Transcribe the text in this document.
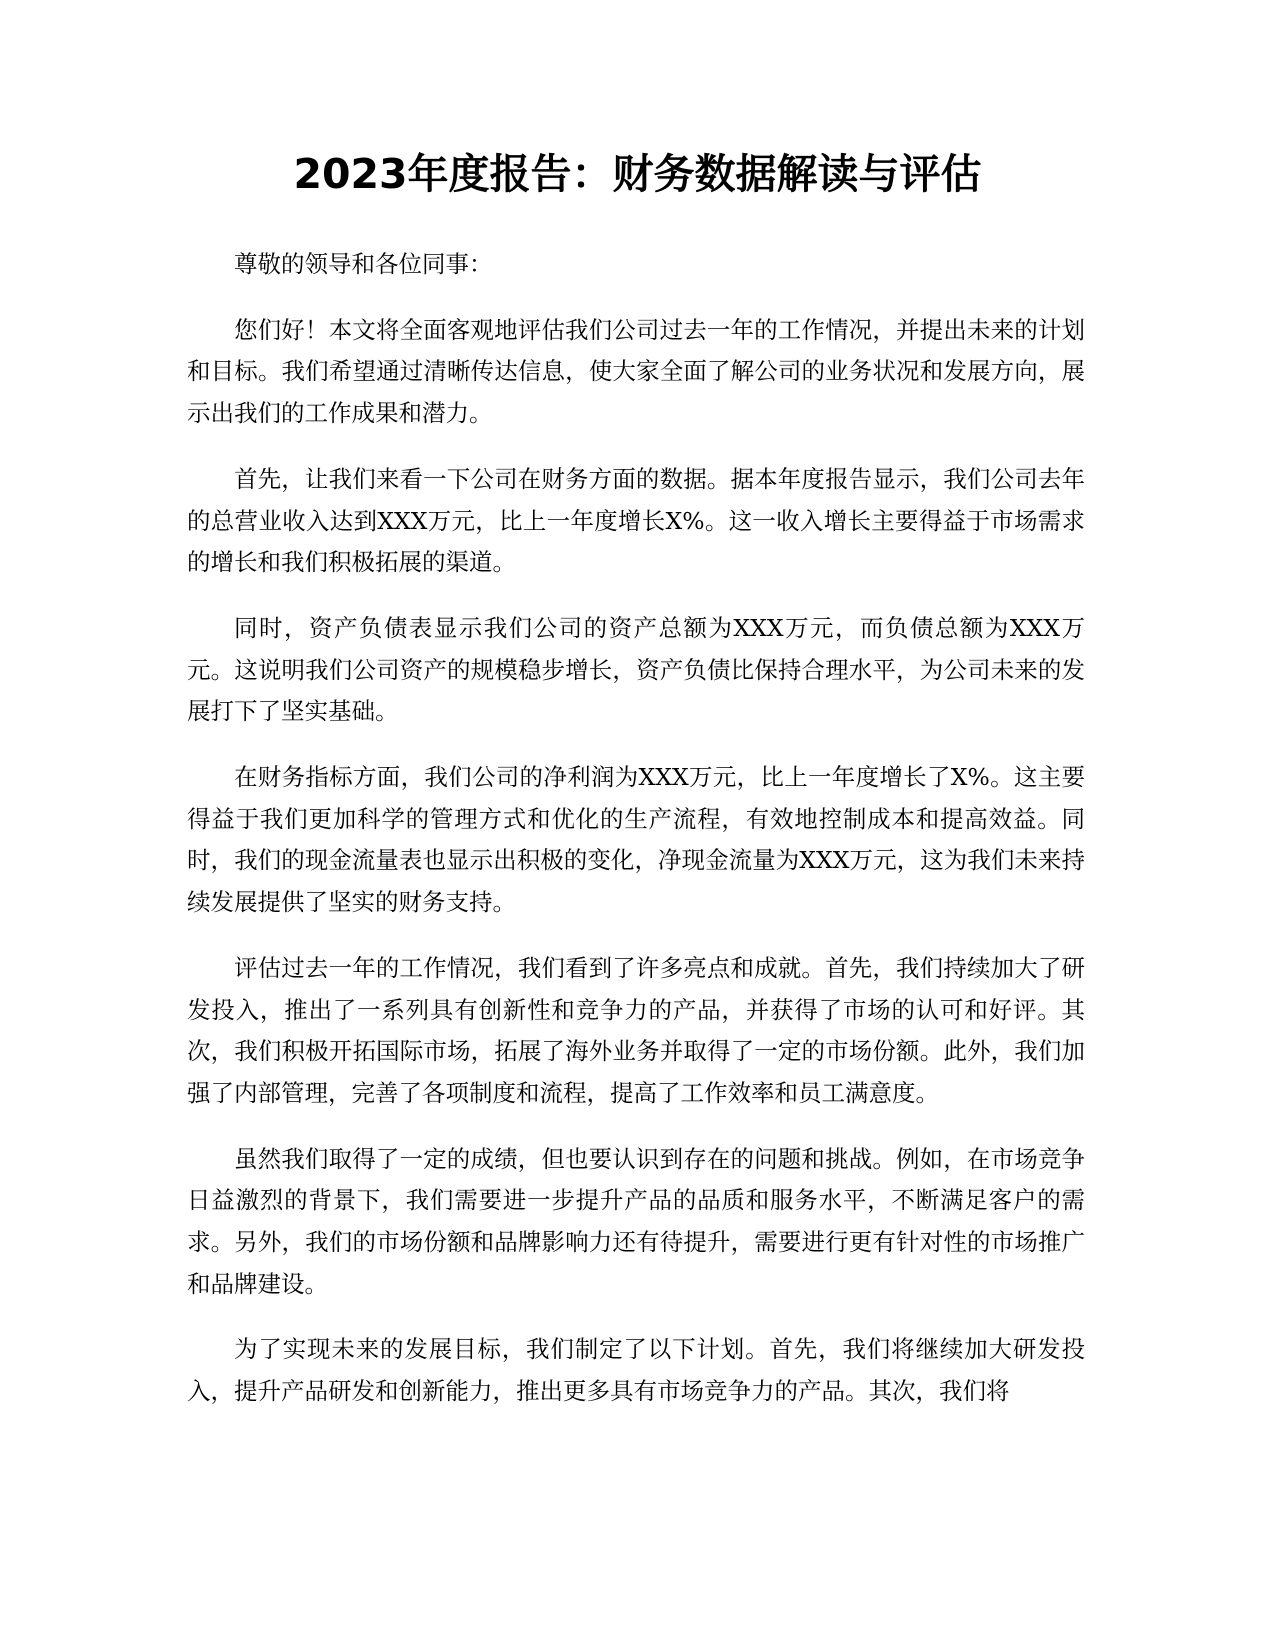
2023年度报告：财务数据解读与评估

尊敬的领导和各位同事：

您们好！本文将全面客观地评估我们公司过去一年的工作情况，并提出未来的计划和目标。我们希望通过清晰传达信息，使大家全面了解公司的业务状况和发展方向，展示出我们的工作成果和潜力。

首先，让我们来看一下公司在财务方面的数据。据本年度报告显示，我们公司去年的总营业收入达到XXX万元，比上一年度增长X%。这一收入增长主要得益于市场需求的增长和我们积极拓展的渠道。

同时，资产负债表显示我们公司的资产总额为XXX万元，而负债总额为XXX万元。这说明我们公司资产的规模稳步增长，资产负债比保持合理水平，为公司未来的发展打下了坚实基础。

在财务指标方面，我们公司的净利润为XXX万元，比上一年度增长了X%。这主要得益于我们更加科学的管理方式和优化的生产流程，有效地控制成本和提高效益。同时，我们的现金流量表也显示出积极的变化，净现金流量为XXX万元，这为我们未来持续发展提供了坚实的财务支持。

评估过去一年的工作情况，我们看到了许多亮点和成就。首先，我们持续加大了研发投入，推出了一系列具有创新性和竞争力的产品，并获得了市场的认可和好评。其次，我们积极开拓国际市场，拓展了海外业务并取得了一定的市场份额。此外，我们加强了内部管理，完善了各项制度和流程，提高了工作效率和员工满意度。

虽然我们取得了一定的成绩，但也要认识到存在的问题和挑战。例如，在市场竞争日益激烈的背景下，我们需要进一步提升产品的品质和服务水平，不断满足客户的需求。另外，我们的市场份额和品牌影响力还有待提升，需要进行更有针对性的市场推广和品牌建设。

为了实现未来的发展目标，我们制定了以下计划。首先，我们将继续加大研发投入，提升产品研发和创新能力，推出更多具有市场竞争力的产品。其次，我们将
